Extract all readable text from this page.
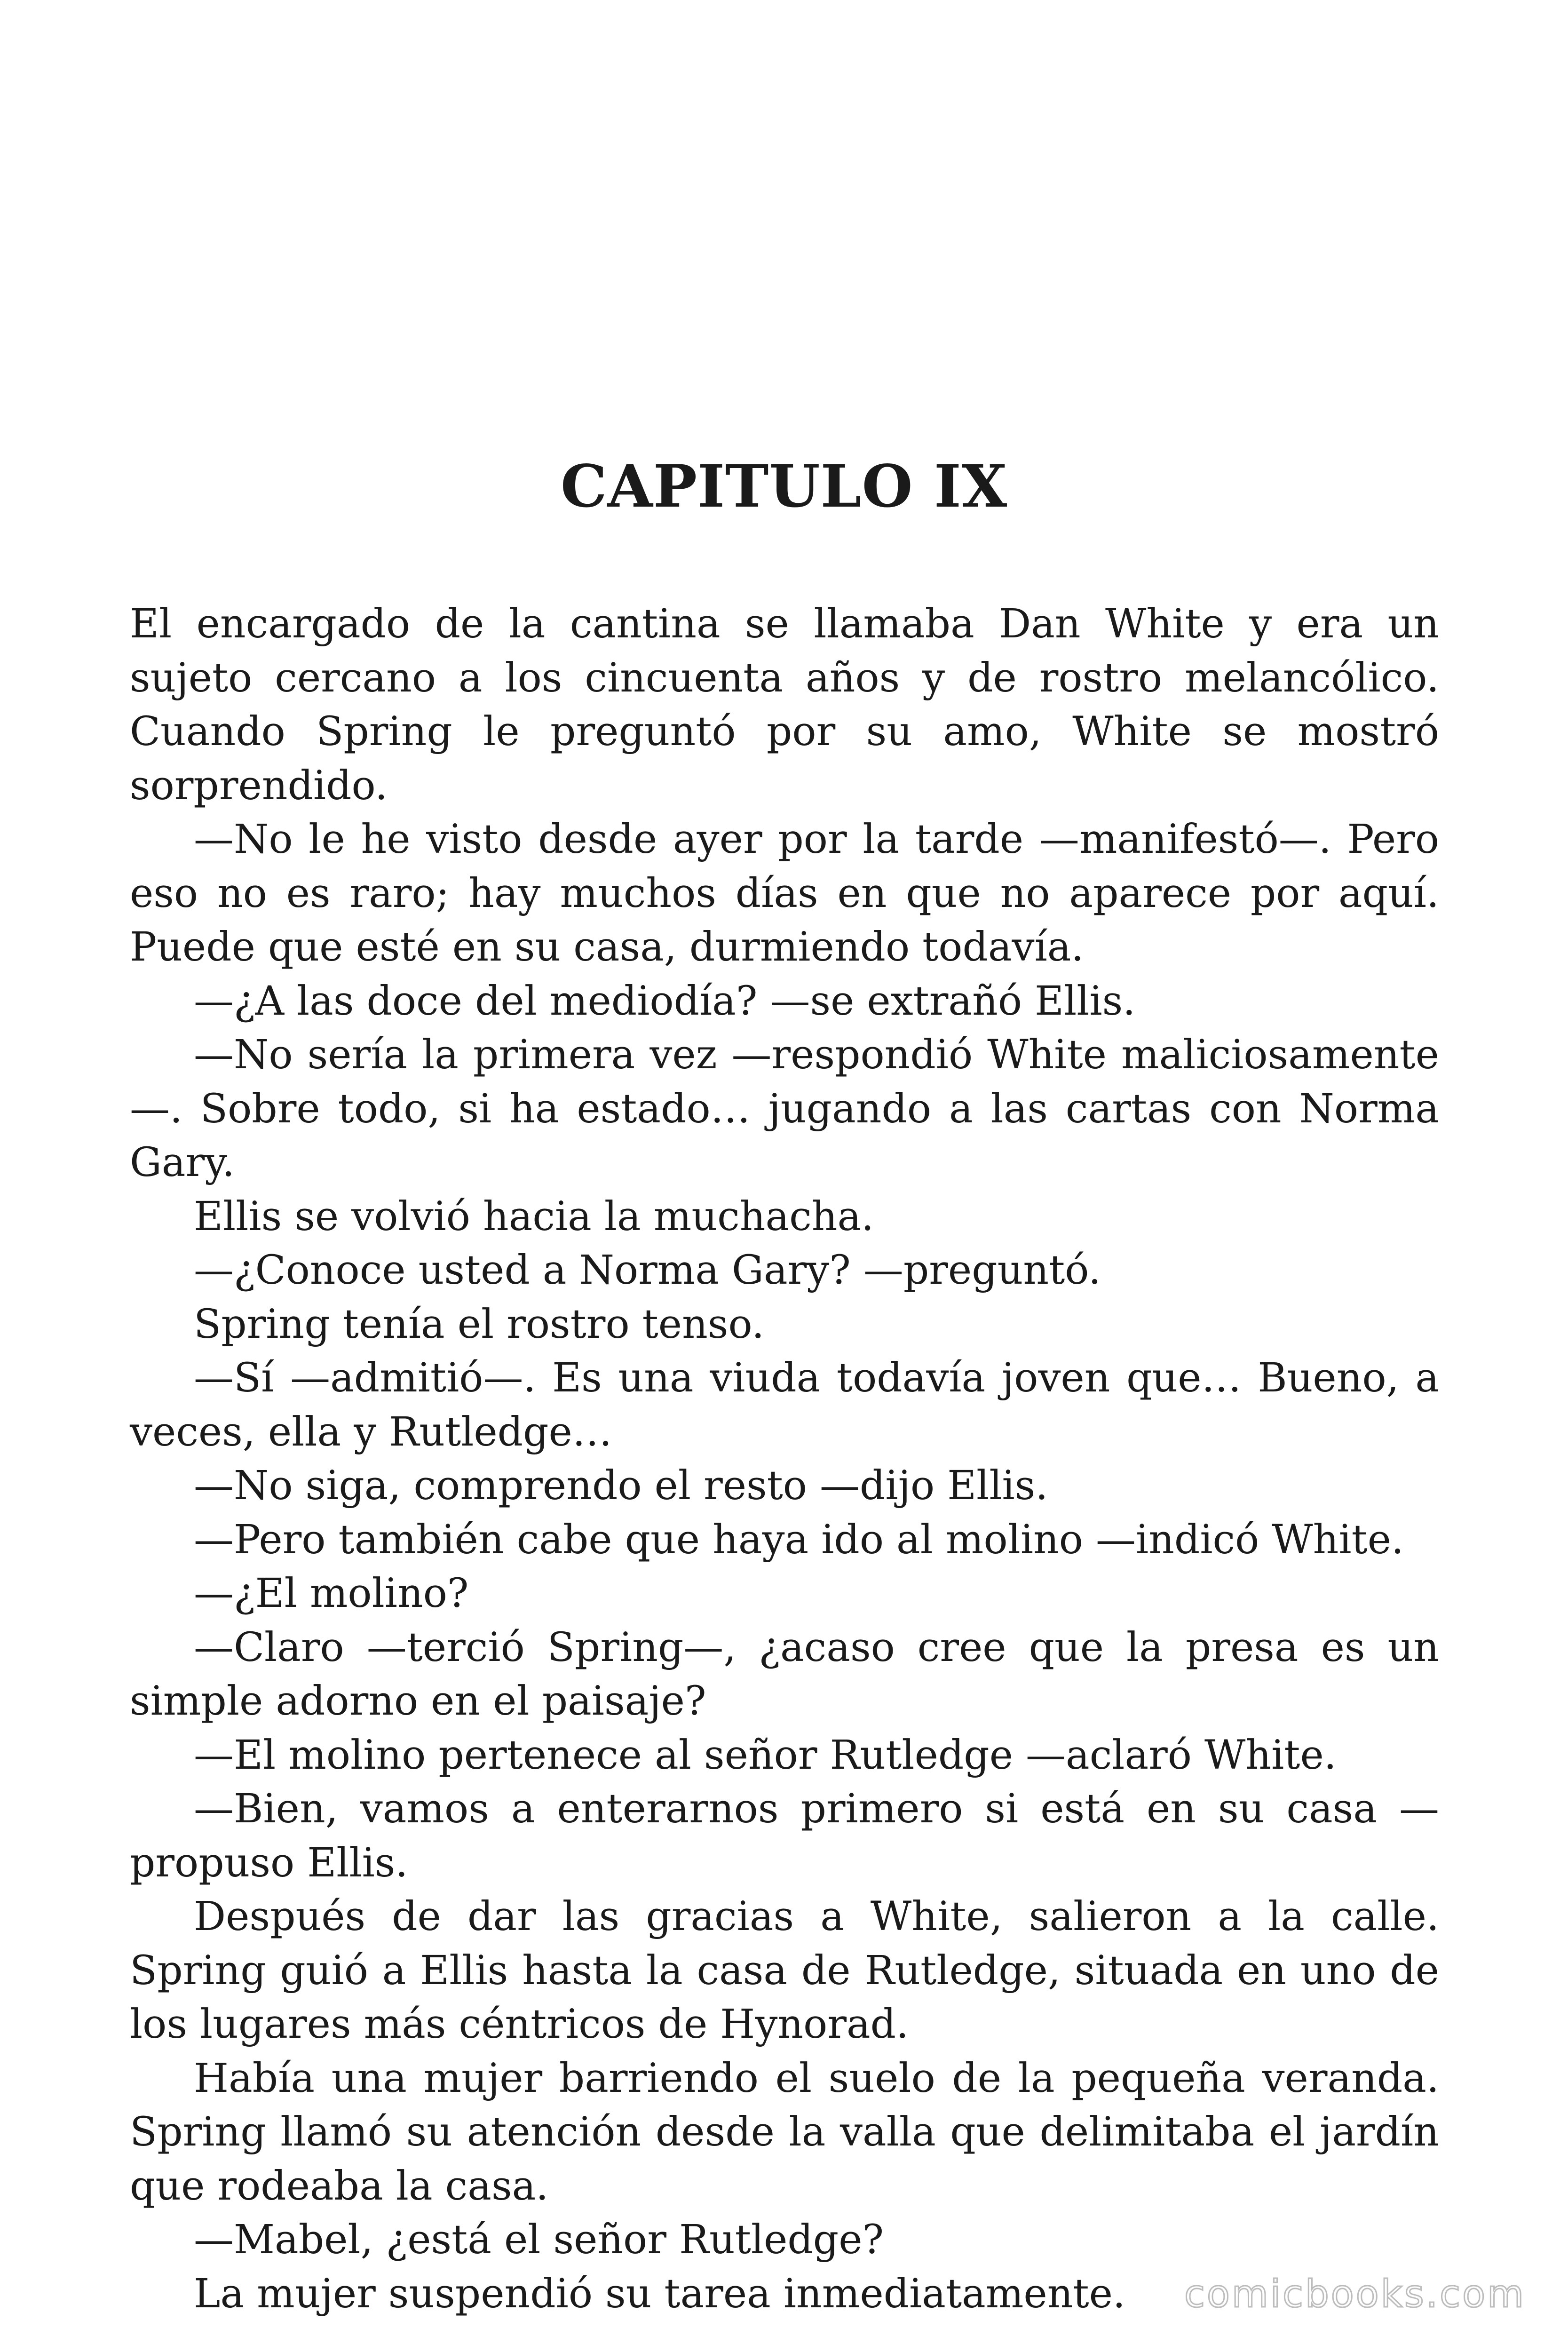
CAPITULO IX

El encargado de la cantina se llamaba Dan White y era un sujeto cercano a los cincuenta años y de rostro melancólico. Cuando Spring le preguntó por su amo, White se mostró sorprendido.

—No le he visto desde ayer por la tarde —manifestó—. Pero eso no es raro; hay muchos días en que no aparece por aquí. Puede que esté en su casa, durmiendo todavía.

—¿A las doce del mediodía? —se extrañó Ellis.

—No sería la primera vez —respondió White maliciosamente—. Sobre todo, si ha estado… jugando a las cartas con Norma Gary.

Ellis se volvió hacia la muchacha.

—¿Conoce usted a Norma Gary? —preguntó.

Spring tenía el rostro tenso.

—Sí —admitió—. Es una viuda todavía joven que… Bueno, a veces, ella y Rutledge…

—No siga, comprendo el resto —dijo Ellis.

—Pero también cabe que haya ido al molino —indicó White.

—¿El molino?

—Claro —terció Spring—, ¿acaso cree que la presa es un simple adorno en el paisaje?

—El molino pertenece al señor Rutledge —aclaró White.

—Bien, vamos a enterarnos primero si está en su casa —propuso Ellis.

Después de dar las gracias a White, salieron a la calle. Spring guió a Ellis hasta la casa de Rutledge, situada en uno de los lugares más céntricos de Hynorad.

Había una mujer barriendo el suelo de la pequeña veranda. Spring llamó su atención desde la valla que delimitaba el jardín que rodeaba la casa.

—Mabel, ¿está el señor Rutledge?

La mujer suspendió su tarea inmediatamente.	comicbooks.com
